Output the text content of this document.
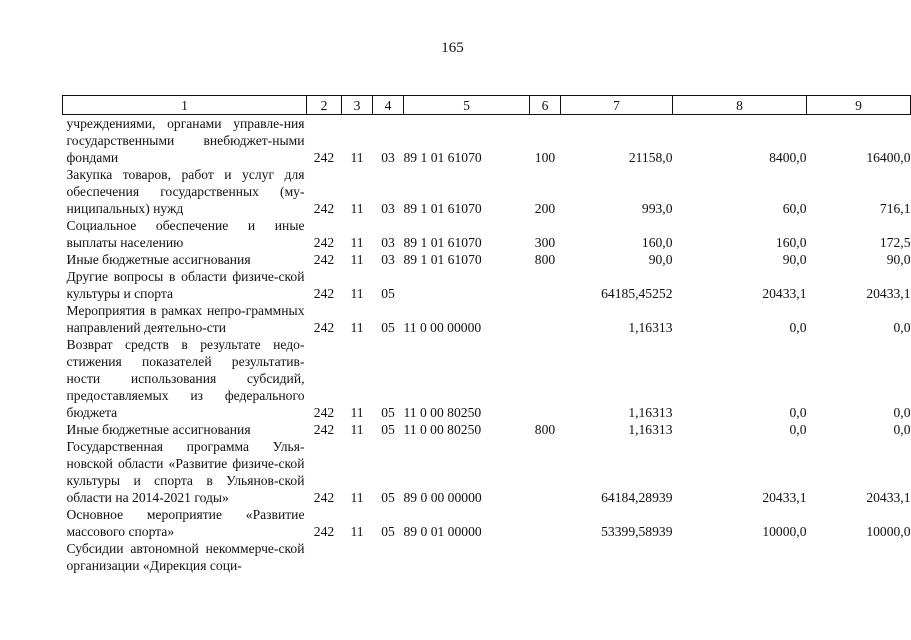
165
1	2	3	4	5	6	7	8	9
учреждениями, органами управле-ния государственными внебюджет-ными фондами	242	11	03	89 1 01 61070	100	21158,0	8400,0	16400,0
Закупка товаров, работ и услуг для обеспечения государственных (му-ниципальных) нужд	242	11	03	89 1 01 61070	200	993,0	60,0	716,1
Социальное обеспечение и иные выплаты населению	242	11	03	89 1 01 61070	300	160,0	160,0	172,5
Иные бюджетные ассигнования	242	11	03	89 1 01 61070	800	90,0	90,0	90,0
Другие вопросы в области физиче-ской культуры и спорта	242	11	05			64185,45252	20433,1	20433,1
Мероприятия в рамках непро-граммных направлений деятельно-сти	242	11	05	11 0 00 00000		1,16313	0,0	0,0
Возврат средств в результате недо-стижения показателей результатив-ности использования субсидий, предоставляемых из федерального бюджета	242	11	05	11 0 00 80250		1,16313	0,0	0,0
Иные бюджетные ассигнования	242	11	05	11 0 00 80250	800	1,16313	0,0	0,0
Государственная программа Улья-новской области «Развитие физиче-ской культуры и спорта в Ульянов-ской области на 2014-2021 годы»	242	11	05	89 0 00 00000		64184,28939	20433,1	20433,1
Основное мероприятие «Развитие массового спорта»	242	11	05	89 0 01 00000		53399,58939	10000,0	10000,0
Субсидии автономной некоммерче-ской организации «Дирекция соци-								
